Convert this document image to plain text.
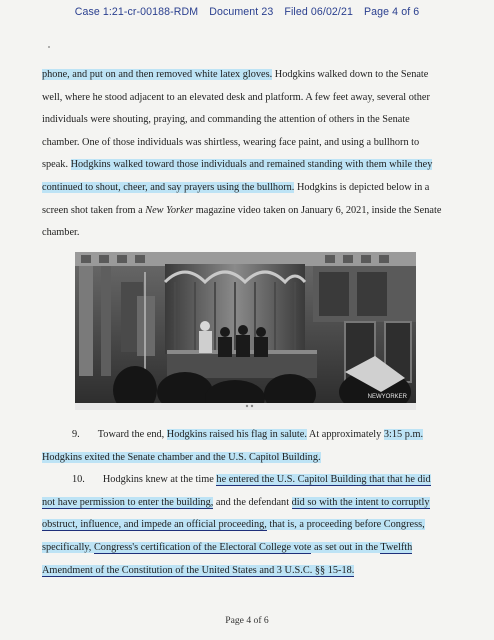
Case 1:21-cr-00188-RDM Document 23 Filed 06/02/21 Page 4 of 6
phone, and put on and then removed white latex gloves. Hodgkins walked down to the Senate
well, where he stood adjacent to an elevated desk and platform. A few feet away, several other
individuals were shouting, praying, and commanding the attention of others in the Senate
chamber. One of those individuals was shirtless, wearing face paint, and using a bullhorn to
speak. Hodgkins walked toward those individuals and remained standing with them while they
continued to shout, cheer, and say prayers using the bullhorn. Hodgkins is depicted below in a
screen shot taken from a New Yorker magazine video taken on January 6, 2021, inside the Senate
chamber.
NEWYORKER
9. Toward the end, Hodgkins raised his flag in salute. At approximately 3:15 p.m.
Hodgkins exited the Senate chamber and the U.S. Capitol Building.
10. Hodgkins knew at the time he entered the U.S. Capitol Building that that he did
not have permission to enter the building, and the defendant did so with the intent to corruptly
obstruct, influence, and impede an official proceeding, that is, a proceeding before Congress,
specifically, Congress's certification of the Electoral College vote as set out in the Twelfth
Amendment of the Constitution of the United States and 3 U.S.C. §§ 15-18.
Page 4 of 6
